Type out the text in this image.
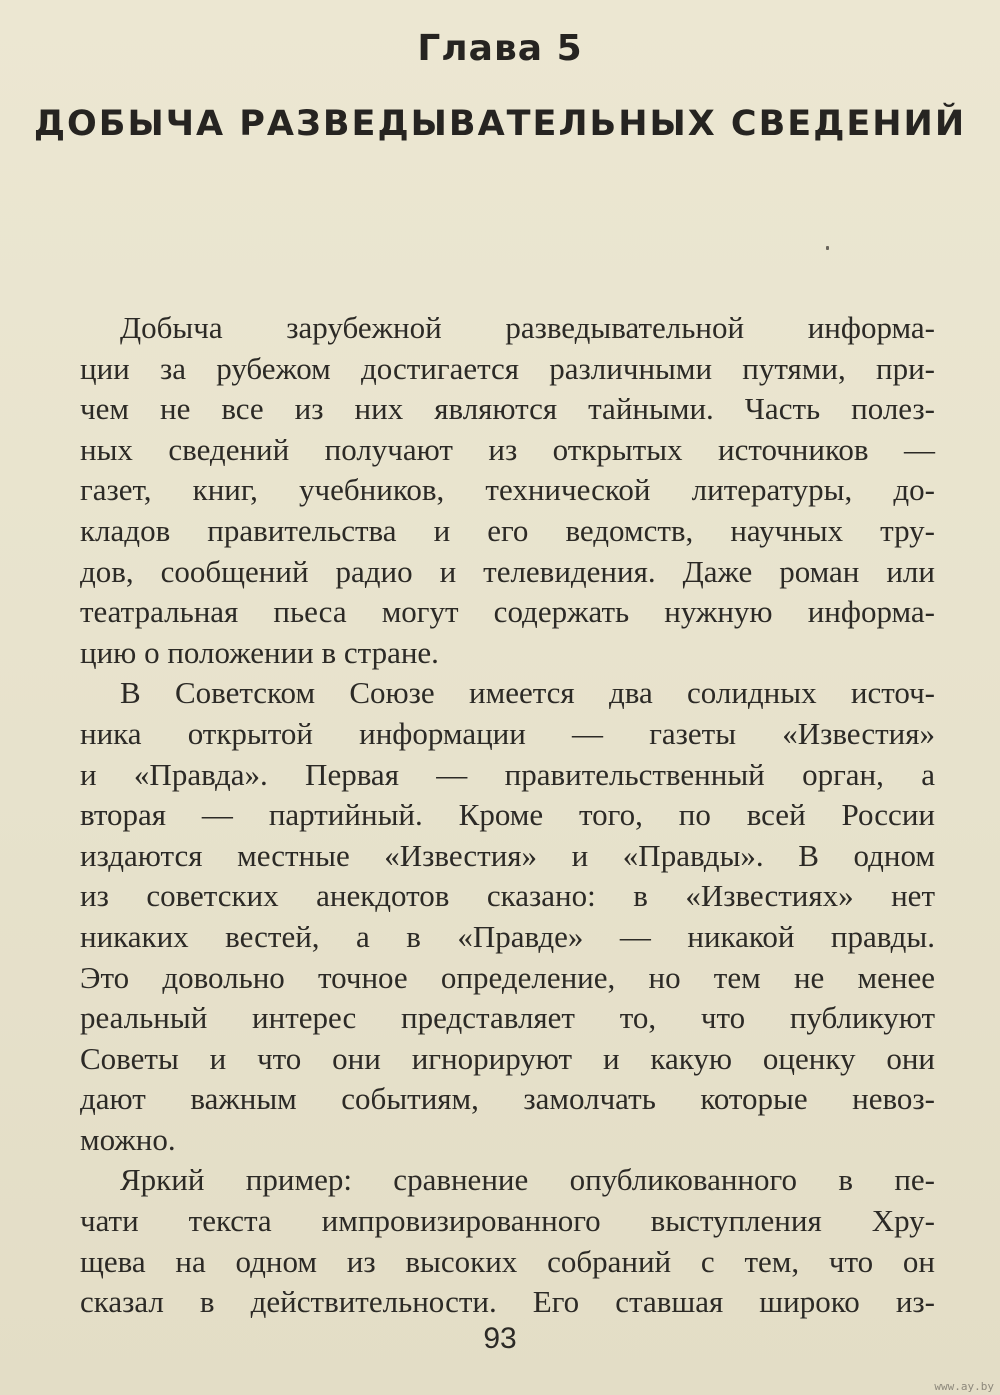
Глава 5
ДОБЫЧА РАЗВЕДЫВАТЕЛЬНЫХ СВЕДЕНИЙ
Добыча зарубежной разведывательной информа-
ции за рубежом достигается различными путями, при-
чем не все из них являются тайными. Часть полез-
ных сведений получают из открытых источников —
газет, книг, учебников, технической литературы, до-
кладов правительства и его ведомств, научных тру-
дов, сообщений радио и телевидения. Даже роман или
театральная пьеса могут содержать нужную информа-
цию о положении в стране.
В Советском Союзе имеется два солидных источ-
ника открытой информации — газеты «Известия»
и «Правда». Первая — правительственный орган, а
вторая — партийный. Кроме того, по всей России
издаются местные «Известия» и «Правды». В одном
из советских анекдотов сказано: в «Известиях» нет
никаких вестей, а в «Правде» — никакой правды.
Это довольно точное определение, но тем не менее
реальный интерес представляет то, что публикуют
Советы и что они игнорируют и какую оценку они
дают важным событиям, замолчать которые невоз-
можно.
Яркий пример: сравнение опубликованного в пе-
чати текста импровизированного выступления Хру-
щева на одном из высоких собраний с тем, что он
сказал в действительности. Его ставшая широко из-
93
www.ay.by
